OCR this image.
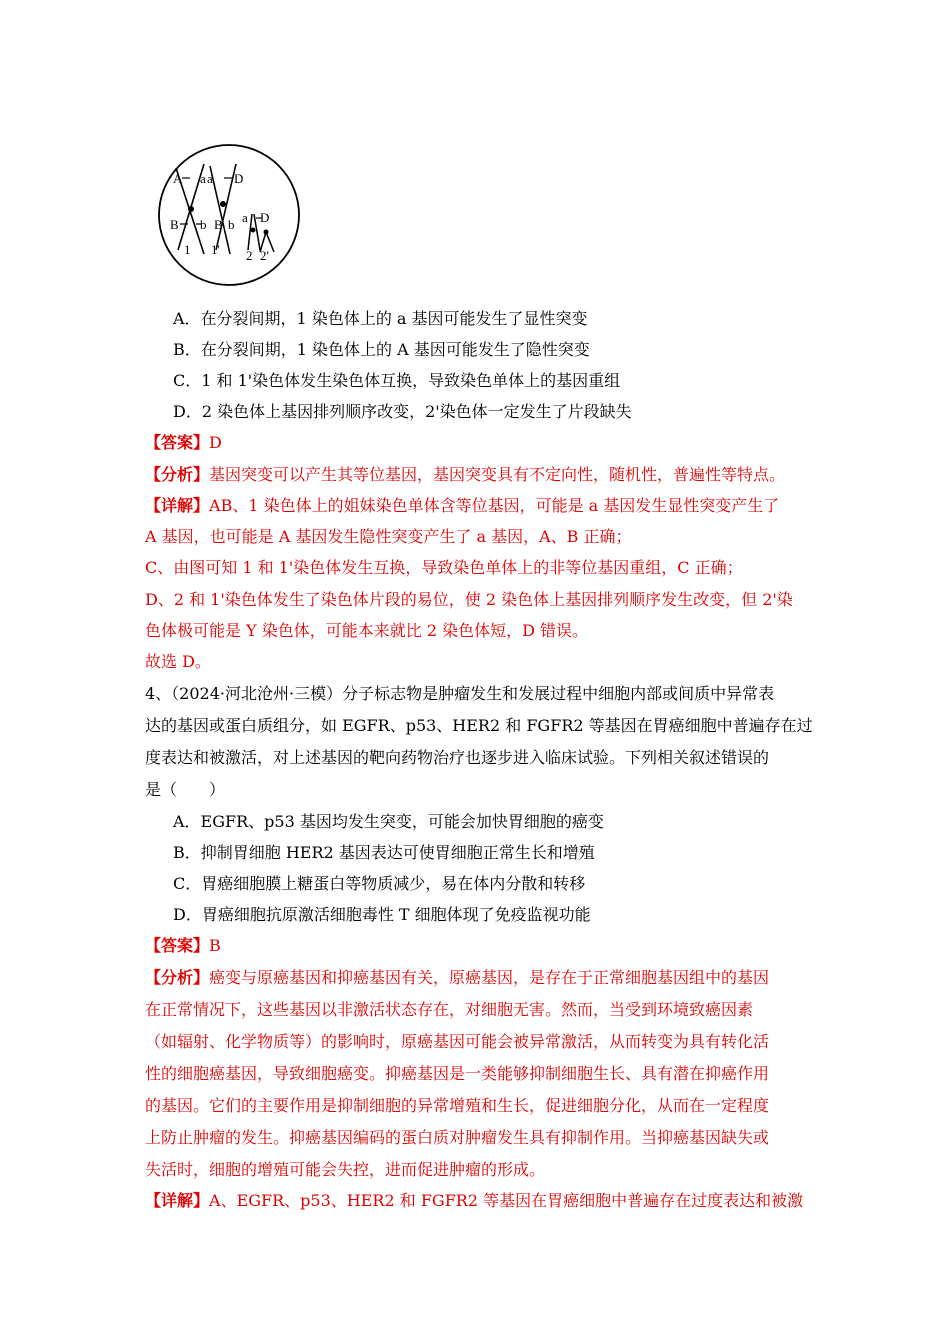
A a a D
B b B b a D
1 1' 2 2'
A．在分裂间期，1 染色体上的 a 基因可能发生了显性突变
B．在分裂间期，1 染色体上的 A 基因可能发生了隐性突变
C．1 和 1'染色体发生染色体互换，导致染色单体上的基因重组
D．2 染色体上基因排列顺序改变，2'染色体一定发生了片段缺失
【答案】D
【分析】基因突变可以产生其等位基因，基因突变具有不定向性，随机性，普遍性等特点。
【详解】AB、1 染色体上的姐妹染色单体含等位基因，可能是 a 基因发生显性突变产生了
A 基因，也可能是 A 基因发生隐性突变产生了 a 基因，A、B 正确；
C、由图可知 1 和 1'染色体发生互换，导致染色单体上的非等位基因重组，C 正确；
D、2 和 1'染色体发生了染色体片段的易位，使 2 染色体上基因排列顺序发生改变，但 2'染
色体极可能是 Y 染色体，可能本来就比 2 染色体短，D 错误。
故选 D。
4、（2024·河北沧州·三模）分子标志物是肿瘤发生和发展过程中细胞内部或间质中异常表
达的基因或蛋白质组分，如 EGFR、p53、HER2 和 FGFR2 等基因在胃癌细胞中普遍存在过
度表达和被激活，对上述基因的靶向药物治疗也逐步进入临床试验。下列相关叙述错误的
是（　　）
A．EGFR、p53 基因均发生突变，可能会加快胃细胞的癌变
B．抑制胃细胞 HER2 基因表达可使胃细胞正常生长和增殖
C．胃癌细胞膜上糖蛋白等物质减少，易在体内分散和转移
D．胃癌细胞抗原激活细胞毒性 T 细胞体现了免疫监视功能
【答案】B
【分析】癌变与原癌基因和抑癌基因有关，原癌基因，是存在于正常细胞基因组中的基因
在正常情况下，这些基因以非激活状态存在，对细胞无害。然而，当受到环境致癌因素
（如辐射、化学物质等）的影响时，原癌基因可能会被异常激活，从而转变为具有转化活
性的细胞癌基因，导致细胞癌变。抑癌基因是一类能够抑制细胞生长、具有潜在抑癌作用
的基因。它们的主要作用是抑制细胞的异常增殖和生长，促进细胞分化，从而在一定程度
上防止肿瘤的发生。抑癌基因编码的蛋白质对肿瘤发生具有抑制作用。当抑癌基因缺失或
失活时，细胞的增殖可能会失控，进而促进肿瘤的形成。
【详解】A、EGFR、p53、HER2 和 FGFR2 等基因在胃癌细胞中普遍存在过度表达和被激
